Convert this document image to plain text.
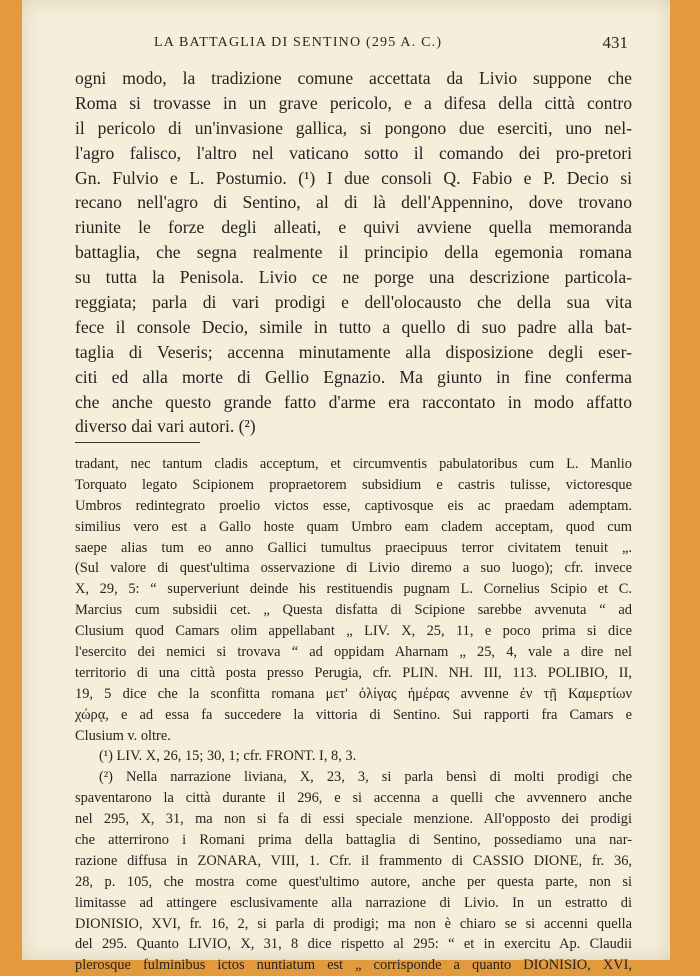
LA BATTAGLIA DI SENTINO (295 A. C.)	431
ogni modo, la tradizione comune accettata da Livio suppone che
Roma si trovasse in un grave pericolo, e a difesa della città contro
il pericolo di un'invasione gallica, si pongono due eserciti, uno nel-
l'agro falisco, l'altro nel vaticano sotto il comando dei pro-pretori
Gn. Fulvio e L. Postumio. (¹) I due consoli Q. Fabio e P. Decio si
recano nell'agro di Sentino, al di là dell'Appennino, dove trovano
riunite le forze degli alleati, e quivi avviene quella memoranda
battaglia, che segna realmente il principio della egemonia romana
su tutta la Penisola. Livio ce ne porge una descrizione particola-
reggiata; parla di vari prodigi e dell'olocausto che della sua vita
fece il console Decio, simile in tutto a quello di suo padre alla bat-
taglia di Veseris; accenna minutamente alla disposizione degli eser-
citi ed alla morte di Gellio Egnazio. Ma giunto in fine conferma
che anche questo grande fatto d'arme era raccontato in modo affatto
diverso dai vari autori. (²)
tradant, nec tantum cladis acceptum, et circumventis pabulatoribus cum L. Manlio
Torquato legato Scipionem propraetorem subsidium e castris tulisse, victoresque
Umbros redintegrato proelio victos esse, captivosque eis ac praedam ademptam.
similius vero est a Gallo hoste quam Umbro eam cladem acceptam, quod cum
saepe alias tum eo anno Gallici tumultus praecipuus terror civitatem tenuit „.
(Sul valore di quest'ultima osservazione di Livio diremo a suo luogo); cfr. invece
X, 29, 5: “ superveriunt deinde his restituendis pugnam L. Cornelius Scipio et C.
Marcius cum subsidii cet. „ Questa disfatta di Scipione sarebbe avvenuta “ ad
Clusium quod Camars olim appellabant „ LIV. X, 25, 11, e poco prima si dice
l'esercito dei nemici si trovava “ ad oppidam Aharnam „ 25, 4, vale a dire nel
territorio di una città posta presso Perugia, cfr. PLIN. NH. III, 113. POLIBIO, II,
19, 5 dice che la sconfitta romana μετ' ὀλίγας ἡμέρας avvenne ἐν τῇ Καμερτίων
χώρᾳ, e ad essa fa succedere la vittoria di Sentino. Sui rapporti fra Camars e
Clusium v. oltre.
(¹) LIV. X, 26, 15; 30, 1; cfr. FRONT. I, 8, 3.
(²) Nella narrazione liviana, X, 23, 3, si parla bensì di molti prodigi che
spaventarono la città durante il 296, e si accenna a quelli che avvennero anche
nel 295, X, 31, ma non si fa di essi speciale menzione. All'opposto dei prodigi
che atterrirono i Romani prima della battaglia di Sentino, possediamo una nar-
razione diffusa in ZONARA, VIII, 1. Cfr. il frammento di CASSIO DIONE, fr. 36,
28, p. 105, che mostra come quest'ultimo autore, anche per questa parte, non si
limitasse ad attingere esclusivamente alla narrazione di Livio. In un estratto di
DIONISIO, XVI, fr. 16, 2, si parla di prodigi; ma non è chiaro se si accenni quella
del 295. Quanto LIVIO, X, 31, 8 dice rispetto al 295: “ et in exercitu Ap. Claudii
plerosque fulminibus ictos nuntiatum est „ corrisponde a quanto DIONISIO, XVI,
